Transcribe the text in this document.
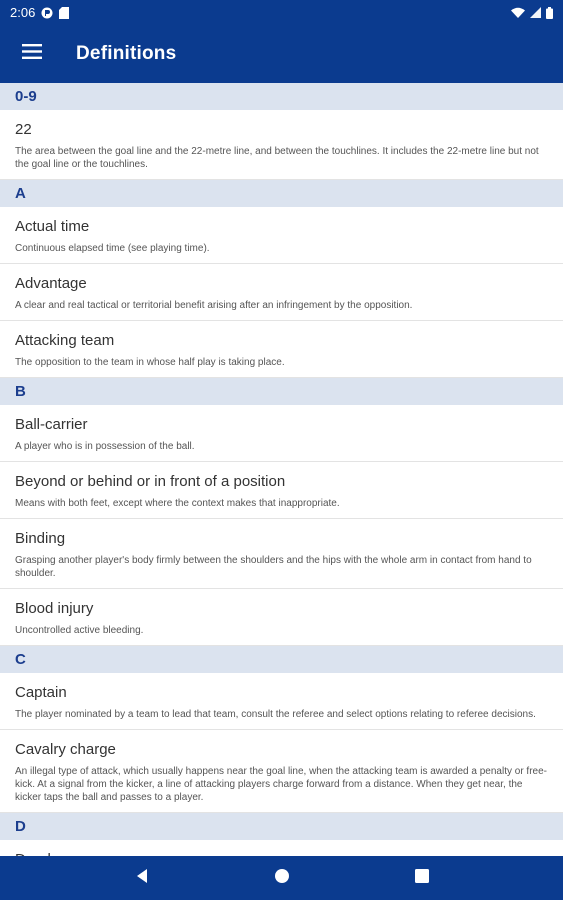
2:06
Definitions
0-9
22
The area between the goal line and the 22-metre line, and between the touchlines. It includes the 22-metre line but not the goal line or the touchlines.
A
Actual time
Continuous elapsed time (see playing time).
Advantage
A clear and real tactical or territorial benefit arising after an infringement by the opposition.
Attacking team
The opposition to the team in whose half play is taking place.
B
Ball-carrier
A player who is in possession of the ball.
Beyond or behind or in front of a position
Means with both feet, except where the context makes that inappropriate.
Binding
Grasping another player's body firmly between the shoulders and the hips with the whole arm in contact from hand to shoulder.
Blood injury
Uncontrolled active bleeding.
C
Captain
The player nominated by a team to lead that team, consult the referee and select options relating to referee decisions.
Cavalry charge
An illegal type of attack, which usually happens near the goal line, when the attacking team is awarded a penalty or free-kick. At a signal from the kicker, a line of attacking players charge forward from a distance. When they get near, the kicker taps the ball and passes to a player.
D
